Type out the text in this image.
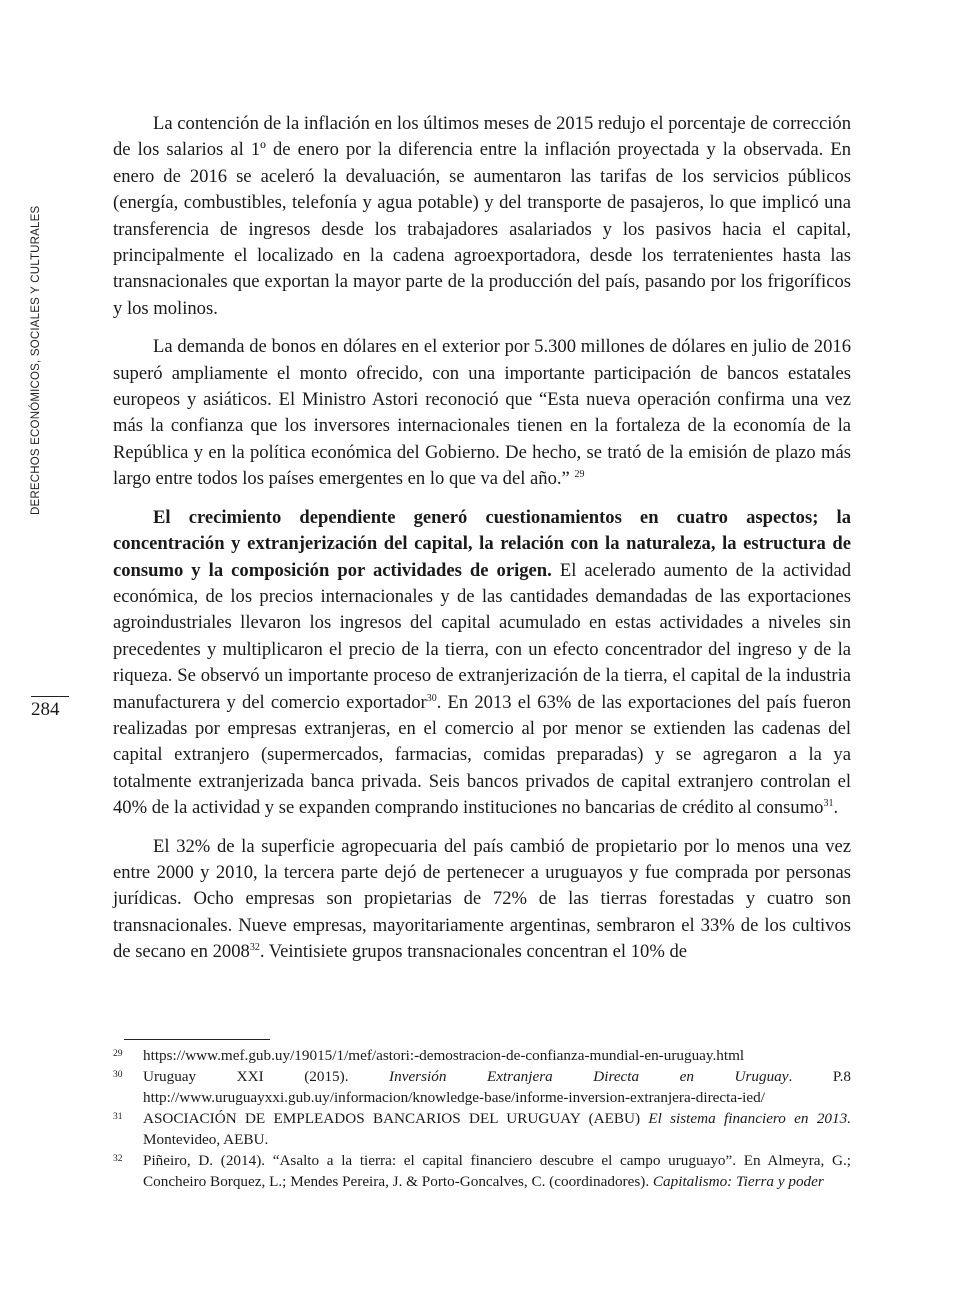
DERECHOS ECONÓMICOS, SOCIALES Y CULTURALES
284

La contención de la inflación en los últimos meses de 2015 redujo el porcentaje de corrección de los salarios al 1º de enero por la diferencia entre la inflación proyectada y la observada. En enero de 2016 se aceleró la devaluación, se aumentaron las tarifas de los servicios públicos (energía, combustibles, telefonía y agua potable) y del transporte de pasajeros, lo que implicó una transferencia de ingresos desde los trabajadores asalariados y los pasivos hacia el capital, principalmente el localizado en la cadena agroexportadora, desde los terratenientes hasta las transnacionales que exportan la mayor parte de la producción del país, pasando por los frigoríficos y los molinos.

La demanda de bonos en dólares en el exterior por 5.300 millones de dólares en julio de 2016 superó ampliamente el monto ofrecido, con una importante participación de bancos estatales europeos y asiáticos. El Ministro Astori reconoció que “Esta nueva operación confirma una vez más la confianza que los inversores internacionales tienen en la fortaleza de la economía de la República y en la política económica del Gobierno. De hecho, se trató de la emisión de plazo más largo entre todos los países emergentes en lo que va del año.” $^{29}$

El crecimiento dependiente generó cuestionamientos en cuatro aspectos; la concentración y extranjerización del capital, la relación con la naturaleza, la estructura de consumo y la composición por actividades de origen. El acelerado aumento de la actividad económica, de los precios internacionales y de las cantidades demandadas de las exportaciones agroindustriales llevaron los ingresos del capital acumulado en estas actividades a niveles sin precedentes y multiplicaron el precio de la tierra, con un efecto concentrador del ingreso y de la riqueza. Se observó un importante proceso de extranjerización de la tierra, el capital de la industria manufacturera y del comercio exportador$^{30}$. En 2013 el 63% de las exportaciones del país fueron realizadas por empresas extranjeras, en el comercio al por menor se extienden las cadenas del capital extranjero (supermercados, farmacias, comidas preparadas) y se agregaron a la ya totalmente extranjerizada banca privada. Seis bancos privados de capital extranjero controlan el 40% de la actividad y se expanden comprando instituciones no bancarias de crédito al consumo$^{31}$.

El 32% de la superficie agropecuaria del país cambió de propietario por lo menos una vez entre 2000 y 2010, la tercera parte dejó de pertenecer a uruguayos y fue comprada por personas jurídicas. Ocho empresas son propietarias de 72% de las tierras forestadas y cuatro son transnacionales. Nueve empresas, mayoritariamente argentinas, sembraron el 33% de los cultivos de secano en 2008$^{32}$. Veintisiete grupos transnacionales concentran el 10% de

29 https://www.mef.gub.uy/19015/1/mef/astori:-demostracion-de-confianza-mundial-en-uruguay.html

30 Uruguay XXI (2015). Inversión Extranjera Directa en Uruguay. P.8 http://www.uruguayxxi.gub.uy/informacion/knowledge-base/informe-inversion-extranjera-directa-ied/

31 ASOCIACIÓN DE EMPLEADOS BANCARIOS DEL URUGUAY (AEBU) El sistema financiero en 2013. Montevideo, AEBU.

32 Piñeiro, D. (2014). “Asalto a la tierra: el capital financiero descubre el campo uruguayo”. En Almeyra, G.; Concheiro Borquez, L.; Mendes Pereira, J. & Porto-Goncalves, C. (coordinadores). Capitalismo: Tierra y poder
